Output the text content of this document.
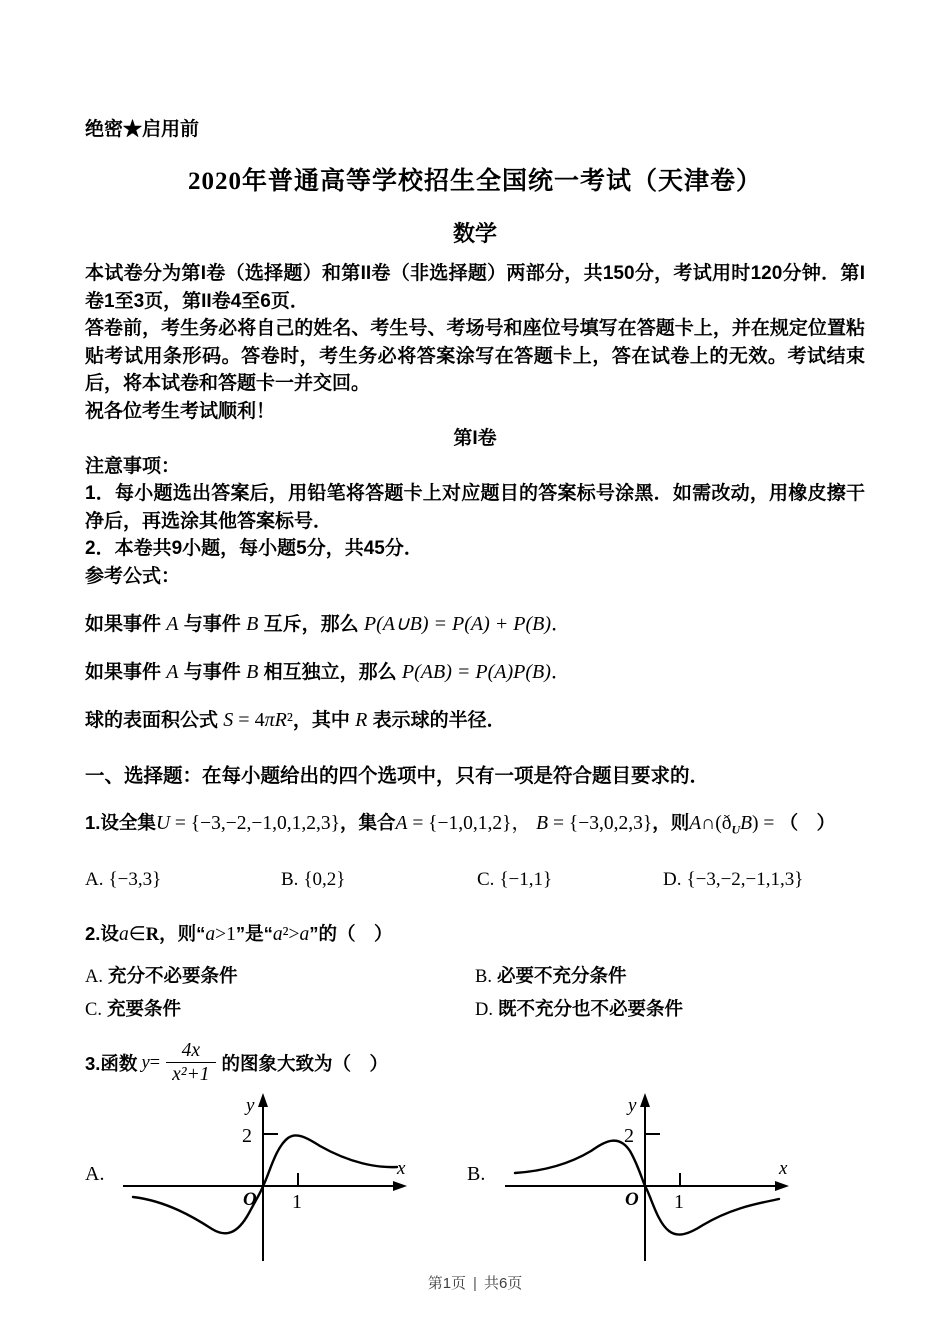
绝密★启用前
2020年普通高等学校招生全国统一考试（天津卷）
数学

本试卷分为第I卷（选择题）和第II卷（非选择题）两部分，共150分，考试用时120分钟．第I卷1至3页，第II卷4至6页．

答卷前，考生务必将自己的姓名、考生号、考场号和座位号填写在答题卡上，并在规定位置粘贴考试用条形码。答卷时，考生务必将答案涂写在答题卡上，答在试卷上的无效。考试结束后，将本试卷和答题卡一并交回。

祝各位考生考试顺利！

第I卷

注意事项：

1．每小题选出答案后，用铅笔将答题卡上对应题目的答案标号涂黑．如需改动，用橡皮擦干净后，再选涂其他答案标号．

2．本卷共9小题，每小题5分，共45分．

参考公式：

如果事件 A 与事件 B 互斥，那么 P(A∪B) = P(A) + P(B)．

如果事件 A 与事件 B 相互独立，那么 P(AB) = P(A)P(B)．

球的表面积公式 S = 4πR²，其中 R 表示球的半径．

一、选择题：在每小题给出的四个选项中，只有一项是符合题目要求的．

1.设全集U = {−3,−2,−1,0,1,2,3}，集合A = {−1,0,1,2}， B = {−3,0,2,3}，则$A\cap(ð_UB)$ = （　）

A. {−3,3}	B. {0,2}	C. {−1,1}	D. {−3,−2,−1,1,3}

2.设a∈R，则“a>1”是“a²>a”的（　）

A. 充分不必要条件	B. 必要不充分条件
C. 充要条件	D. 既不充分也不必要条件
3.函数 $y = \frac{4x}{\text{x²+1}}$ 的图象大致为 （　）
A.
y
x
O
2
1
B.
y
x
O
2
1
第1页 | 共6页
